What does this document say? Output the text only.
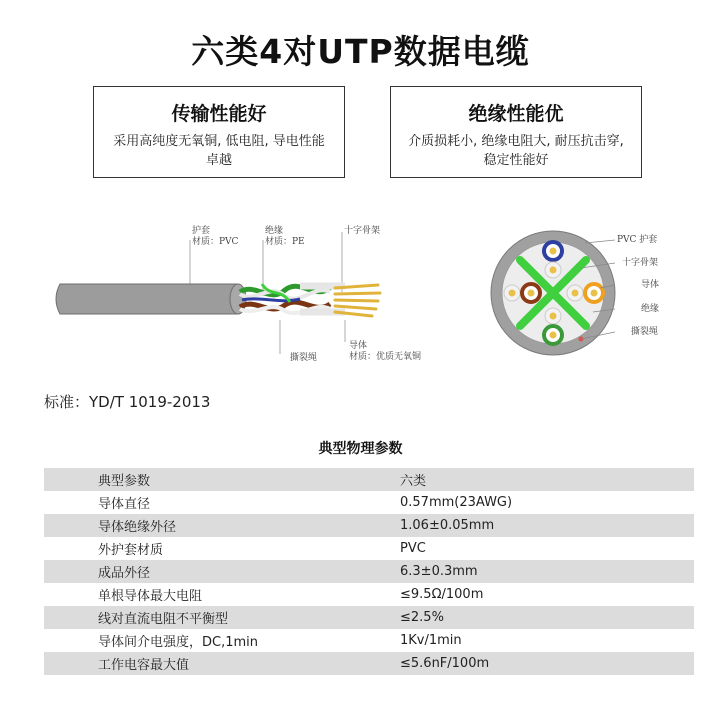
六类4对UTP数据电缆
传输性能好
采用高纯度无氧铜, 低电阻, 导电性能卓越
绝缘性能优
介质损耗小, 绝缘电阻大, 耐压抗击穿, 稳定性能好
护套
材质：PVC
绝缘
材质：PE
十字骨架
撕裂绳
导体
材质：优质无氧铜
PVC 护套
十字骨架
导体
绝缘
撕裂绳
标准：YD/T 1019-2013
典型物理参数
典型参数	六类
导体直径	0.57mm(23AWG)
导体绝缘外径	1.06±0.05mm
外护套材质	PVC
成品外径	6.3±0.3mm
单根导体最大电阻	≤9.5Ω/100m
线对直流电阻不平衡型	≤2.5%
导体间介电强度，DC,1min	1Kv/1min
工作电容最大值	≤5.6nF/100m
